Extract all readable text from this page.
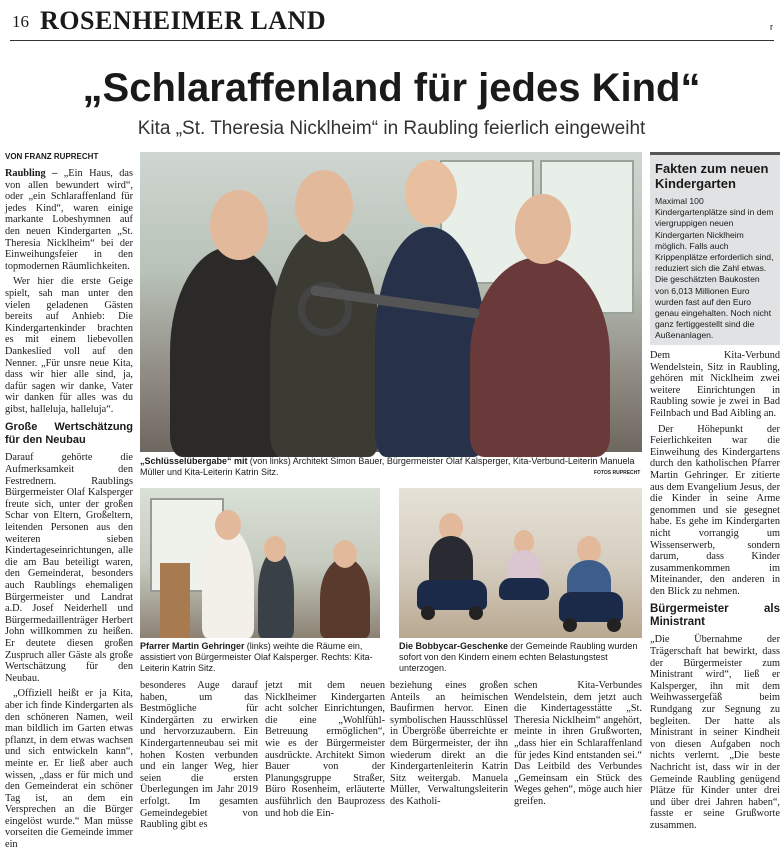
16 ROSENHEIMER LAND	r
„Schlaraffenland für jedes Kind“
Kita „St. Theresia Nicklheim“ in Raubling feierlich eingeweiht
VON FRANZ RUPRECHT

Raubling – „Ein Haus, das von allen bewundert wird“, oder „ein Schlaraffenland für jedes Kind“, waren einige markante Lobeshymnen auf den neuen Kindergarten „St. Theresia Nicklheim“ bei der Einweihungsfeier in den topmodernen Räumlichkeiten.

Wer hier die erste Geige spielt, sah man unter den vielen geladenen Gästen bereits auf Anhieb: Die Kindergartenkinder brachten es mit einem liebevollen Dankeslied voll auf den Nenner. „Für unsre neue Kita, dass wir hier alle sind, ja, dafür sagen wir danke, Vater wir danken für alles was du gibst, halleluja, halleluja“.

Große Wertschätzung für den Neubau

Darauf gehörte die Aufmerksamkeit den Festrednern. Raublings Bürgermeister Olaf Kalsperger freute sich, unter der großen Schar von Eltern, Großeltern, leitenden Personen aus den weiteren sieben Kindertageseinrichtungen, alle die am Bau beteiligt waren, den Gemeinderat, besonders auch Raublings ehemaligen Bürgermeister und Landrat a.D. Josef Neiderhell und Bürgermedaillenträger Herbert John willkommen zu heißen. Er deutete diesen großen Zuspruch aller Gäste als große Wertschätzung für den Neubau.

„Offiziell heißt er ja Kita, aber ich finde Kindergarten als den schöneren Namen, weil man bildlich im Garten etwas pflanzt, in dem etwas wachsen und sich entwickeln kann“, meinte er. Er ließ aber auch wissen, „dass er für mich und den Gemeinderat ein schöner Tag ist, an dem ein Versprechen an die Bürger eingelöst wurde.“ Man müsse vorseiten die Gemeinde immer ein

„Schlüsselübergabe“ mit (von links) Architekt Simon Bauer, Bürgermeister Olaf Kalsperger, Kita-Verbund-Leiterin Manuela Müller und Kita-Leiterin Katrin Sitz.	FOTOS RUPRECHT
Pfarrer Martin Gehringer (links) weihte die Räume ein, assistiert von Bürgermeister Olaf Kalsperger. Rechts: Kita-Leiterin Katrin Sitz.
Die Bobbycar-Geschenke der Gemeinde Raubling wurden sofort von den Kindern einem echten Belastungstest unterzogen.

besonderes Auge darauf haben, um das Bestmögliche für Kindergärten zu erwirken und hervorzuzaubern. Ein Kindergartenneubau sei mit hohen Kosten verbunden und ein langer Weg, hier seien die ersten Überlegungen im Jahr 2019 erfolgt. Im gesamten Gemeindegebiet von Raubling gibt es

jetzt mit dem neuen Nicklheimer Kindergarten acht solcher Einrichtungen, die eine „Wohlfühl-Betreuung ermöglichen“, wie es der Bürgermeister ausdrückte. Architekt Simon Bauer von der Planungsgruppe Straßer, Büro Rosenheim, erläuterte ausführlich den Bauprozess und hob die Ein-

beziehung eines großen Anteils an heimischen Baufirmen hervor. Einen symbolischen Hausschlüssel in Übergröße überreichte er dem Bürgermeister, der ihn wiederum direkt an die Kindergartenleiterin Katrin Sitz weitergab. Manuela Müller, Verwaltungsleiterin des Katholi-

schen Kita-Verbundes Wendelstein, dem jetzt auch die Kindertagesstätte „St. Theresia Nicklheim“ angehört, meinte in ihren Grußworten, „dass hier ein Schlaraffenland für jedes Kind entstanden sei.“ Das Leitbild des Verbundes „Gemeinsam ein Stück des Weges gehen“, möge auch hier greifen.

Fakten zum neuen Kindergarten
Maximal 100 Kindergartenplätze sind in dem viergruppigen neuen Kindergarten Nicklheim möglich. Falls auch Krippenplätze erforderlich sind, reduziert sich die Zahl etwas. Die geschätzten Baukosten von 6,013 Millionen Euro wurden fast auf den Euro genau eingehalten. Noch nicht ganz fertiggestellt sind die Außenanlagen.

Dem Kita-Verbund Wendelstein, Sitz in Raubling, gehören mit Nicklheim zwei weitere Einrichtungen in Raubling sowie je zwei in Bad Feilnbach und Bad Aibling an.

Der Höhepunkt der Feierlichkeiten war die Einweihung des Kindergartens durch den katholischen Pfarrer Martin Gehringer. Er zitierte aus dem Evangelium Jesus, der die Kinder in seine Arme genommen und sie gesegnet habe. Es gehe im Kindergarten nicht vorrangig um Wissenserwerb, sondern darum, dass Kinder zusammenkommen im Miteinander, den anderen in den Blick zu nehmen.

Bürgermeister als Ministrant

„Die Übernahme der Trägerschaft hat bewirkt, dass der Bürgermeister zum Ministrant wird“, ließ er Kalsperger, ihn mit dem Weihwassergefäß beim Rundgang zur Segnung zu begleiten. Der hatte als Ministrant in seiner Kindheit von diesen Aufgaben noch nichts verlernt. „Die beste Nachricht ist, dass wir in der Gemeinde Raubling genügend Plätze für Kinder unter drei und über drei Jahren haben“, fasste er seine Grußworte zusammen.
